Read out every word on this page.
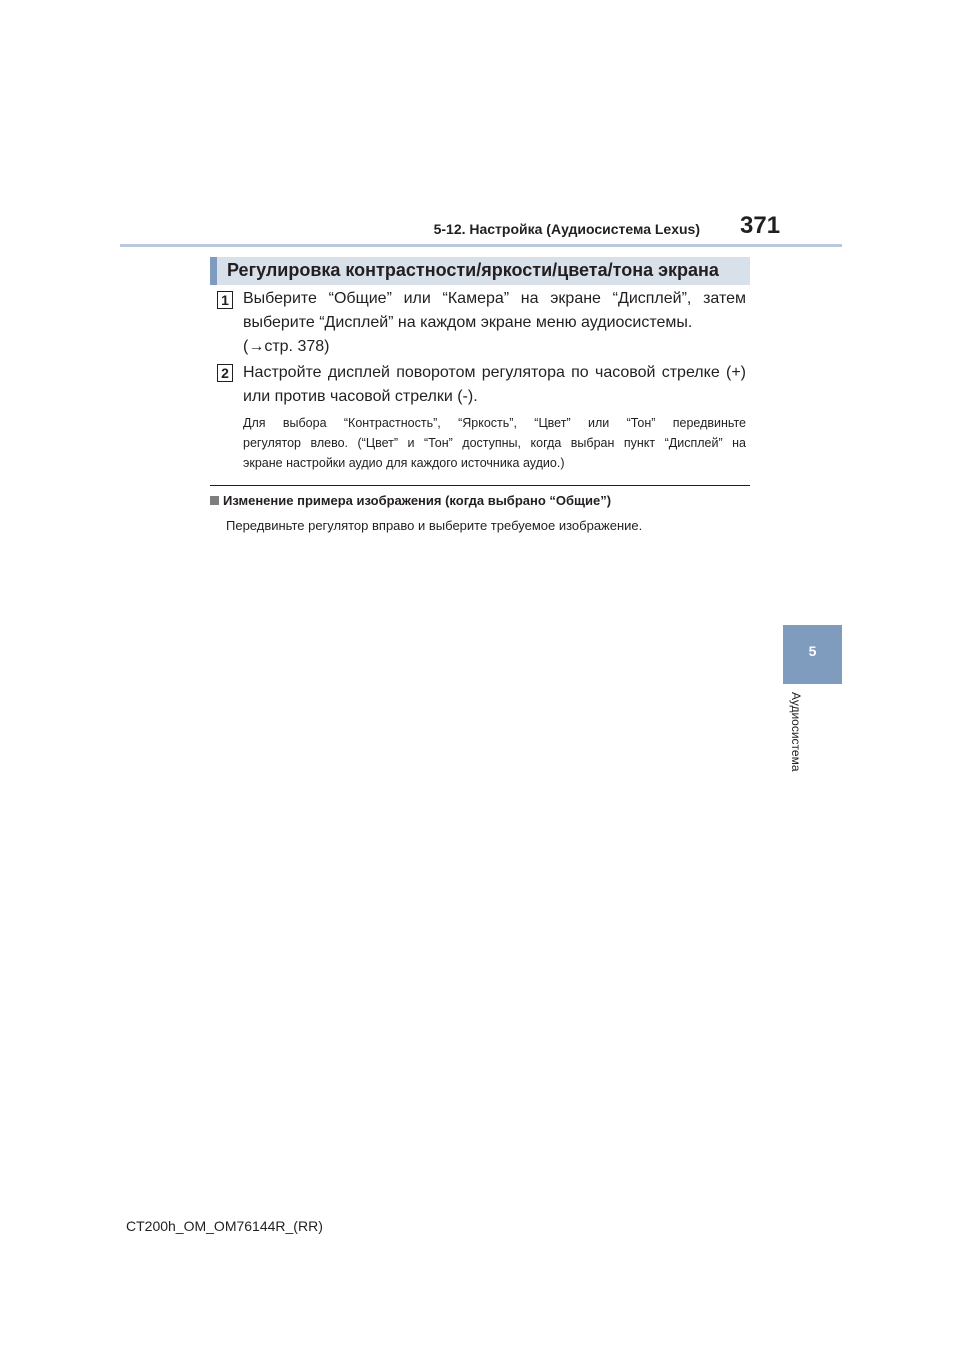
5-12. Настройка (Аудиосистема Lexus) 371
Регулировка контрастности/яркости/цвета/тона экрана
1 Выберите “Общие” или “Камера” на экране “Дисплей”, затем
выберите “Дисплей” на каждом экране меню аудиосистемы.
(→стр. 378)
2 Настройте дисплей поворотом регулятора по часовой стрелке (+)
или против часовой стрелки (-).
Для выбора “Контрастность”, “Яркость”, “Цвет” или “Тон” передвиньте
регулятор влево. (“Цвет” и “Тон” доступны, когда выбран пункт “Дисплей” на
экране настройки аудио для каждого источника аудио.)
Изменение примера изображения (когда выбрано “Общие”)
Передвиньте регулятор вправо и выберите требуемое изображение.
5
Аудиосистема
CT200h_OM_OM76144R_(RR)
